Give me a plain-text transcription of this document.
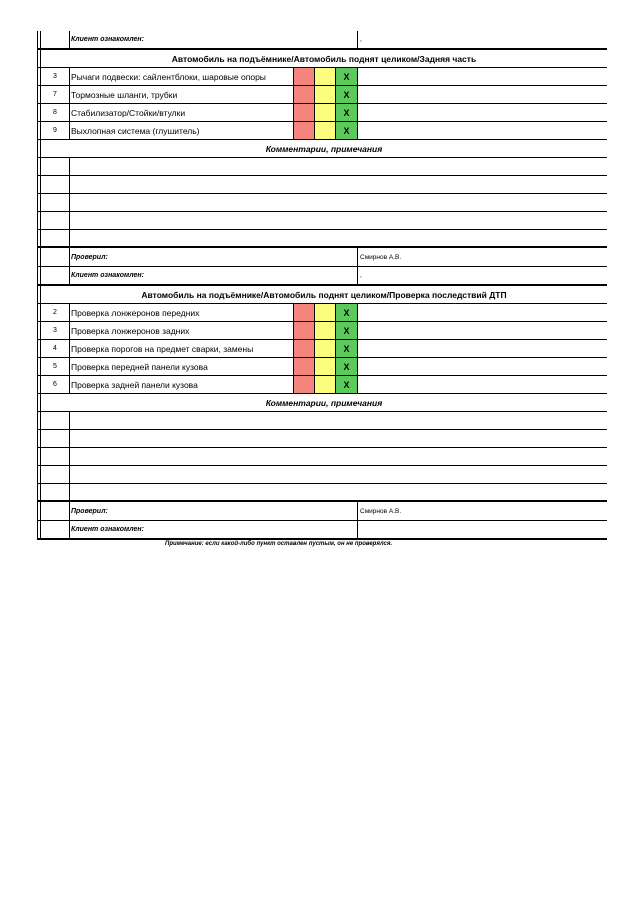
Клиент ознакомлен:	,
Автомобиль на подъёмнике/Автомобиль поднят целиком/Задняя часть
3	Рычаги подвески: сайлентблоки, шаровые опоры	X
7	Тормозные шланги, трубки	X
8	Стабилизатор/Стойки/втулки	X
9	Выхлопная система (глушитель)	X
Комментарии, примечания
Проверил:	Смирнов А.В.
Клиент ознакомлен:	,
Автомобиль на подъёмнике/Автомобиль поднят целиком/Проверка последствий ДТП
2	Проверка лонжеронов передних	X
3	Проверка лонжеронов задних	X
4	Проверка порогов на предмет сварки, замены	X
5	Проверка передней панели кузова	X
6	Проверка задней панели кузова	X
Комментарии, примечания
Проверил:	Смирнов А.В.
Клиент ознакомлен:
Примечание: если какой-либо пункт оставлен пустым, он не проверялся.
